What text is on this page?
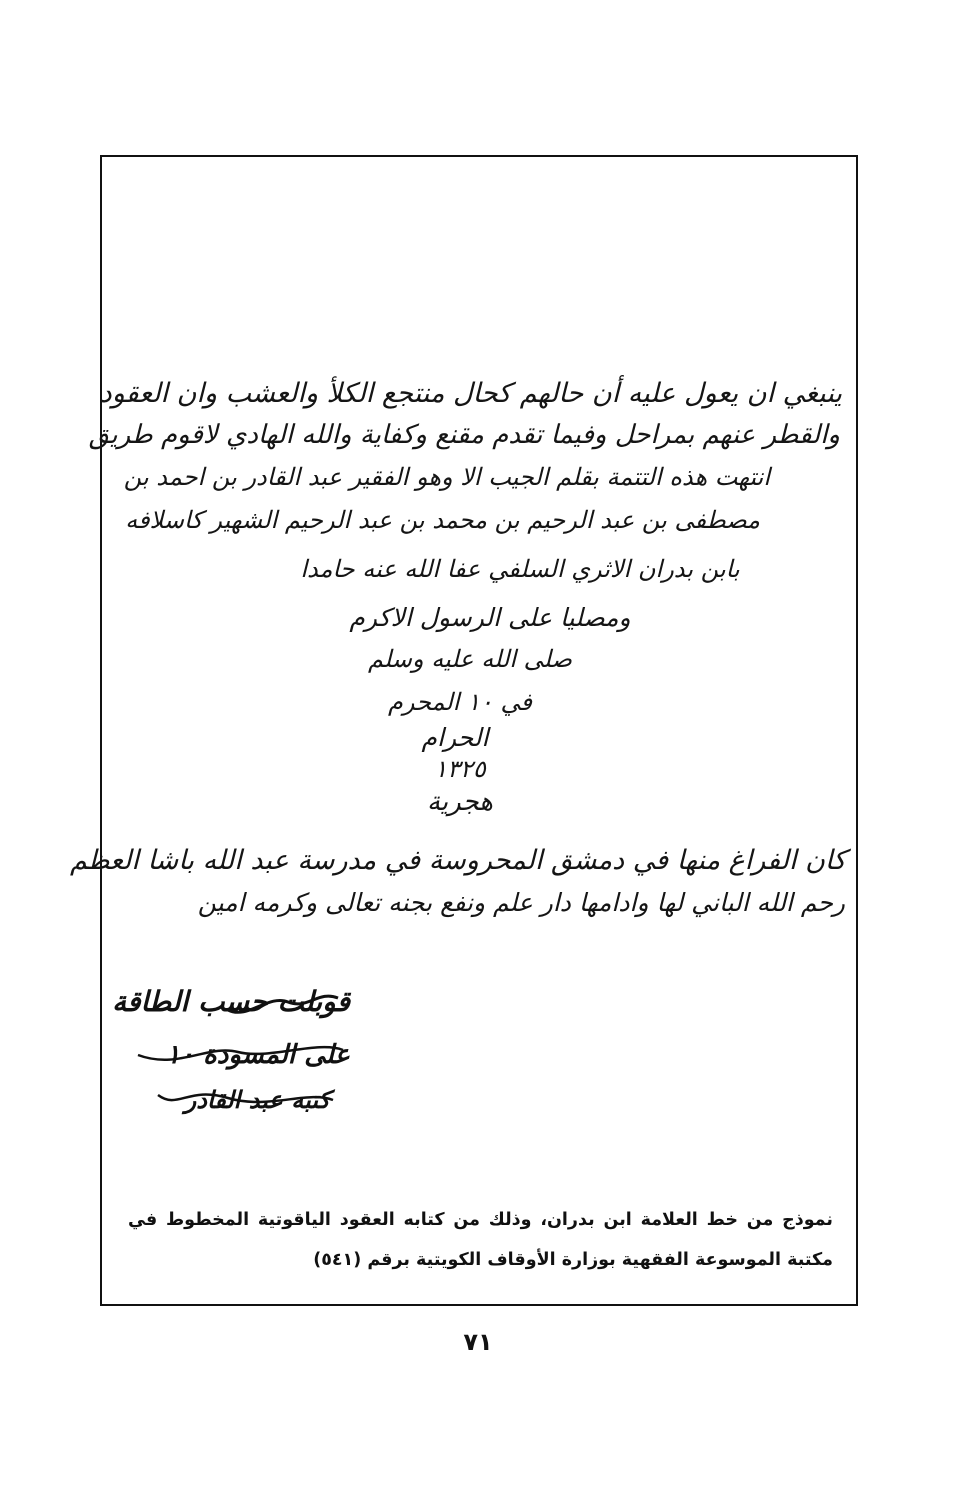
ينبغي ان يعول عليه أن حالهم كحال منتجع الكلأ والعشب وان العقود
والقطر عنهم بمراحل وفيما تقدم مقنع وكفاية والله الهادي لاقوم طريق
انتهت هذه التتمة بقلم الجيب الا وهو الفقير عبد القادر بن احمد بن
مصطفى بن عبد الرحيم بن محمد بن عبد الرحيم الشهير كاسلافه
بابن بدران الاثري السلفي عفا الله عنه حامدا
ومصليا على الرسول الاكرم
صلى الله عليه وسلم
في ١٠ المحرم
الحرام
١٣٢٥
هجرية
كان الفراغ منها في دمشق المحروسة في مدرسة عبد الله باشا العظم
رحم الله الباني لها وادامها دار علم ونفع بجنه تعالى وكرمه امين
قوبلت حسب الطاقة
على المسودة ١٠
كتبه عبد القادر
نموذج من خط العلامة ابن بدران، وذلك من كتابه العقود الياقوتية المخطوط في
مكتبة الموسوعة الفقهية بوزارة الأوقاف الكويتية برقم (٥٤١)
٧١
